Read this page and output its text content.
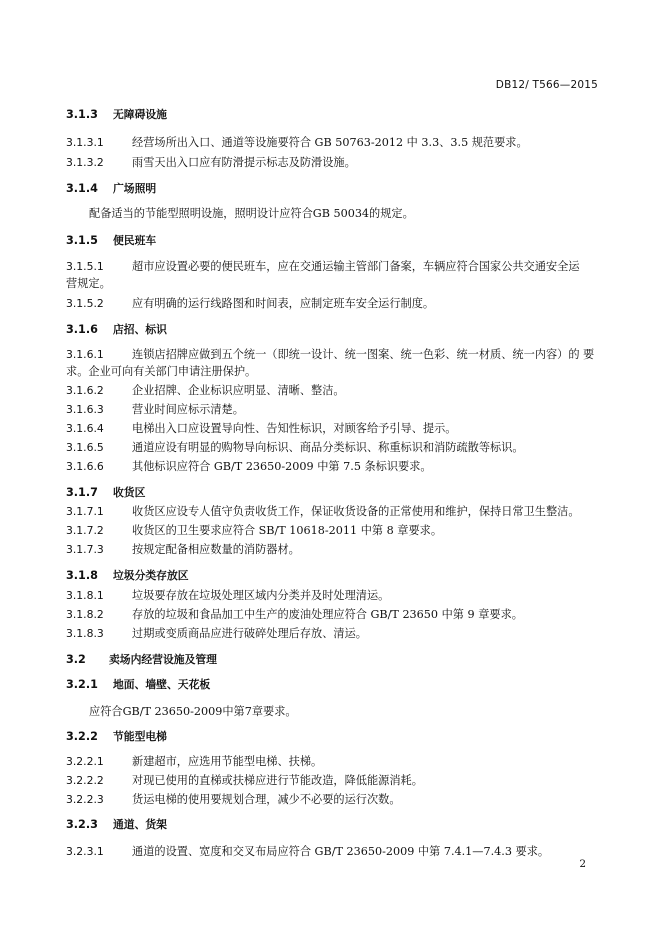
DB12/ T566—2015
3.1.3 无障碍设施
3.1.3.1	经营场所出入口、通道等设施要符合 GB 50763-2012 中 3.3、3.5 规范要求。
3.1.3.2	雨雪天出入口应有防滑提示标志及防滑设施。
3.1.4 广场照明
配备适当的节能型照明设施，照明设计应符合GB 50034的规定。
3.1.5 便民班车
3.1.5.1	超市应设置必要的便民班车，应在交通运输主管部门备案，车辆应符合国家公共交通安全运
营规定。
3.1.5.2	应有明确的运行线路图和时间表，应制定班车安全运行制度。
3.1.6 店招、标识
3.1.6.1	连锁店招牌应做到五个统一（即统一设计、统一图案、统一色彩、统一材质、统一内容）的 要
求。企业可向有关部门申请注册保护。
3.1.6.2	企业招牌、企业标识应明显、清晰、整洁。
3.1.6.3	营业时间应标示清楚。
3.1.6.4	电梯出入口应设置导向性、告知性标识，对顾客给予引导、提示。
3.1.6.5	通道应设有明显的购物导向标识、商品分类标识、称重标识和消防疏散等标识。
3.1.6.6	其他标识应符合 GB/T 23650-2009 中第 7.5 条标识要求。
3.1.7 收货区
3.1.7.1	收货区应设专人值守负责收货工作，保证收货设备的正常使用和维护，保持日常卫生整洁。
3.1.7.2	收货区的卫生要求应符合 SB/T 10618-2011 中第 8 章要求。
3.1.7.3	按规定配备相应数量的消防器材。
3.1.8 垃圾分类存放区
3.1.8.1	垃圾要存放在垃圾处理区域内分类并及时处理清运。
3.1.8.2	存放的垃圾和食品加工中生产的废油处理应符合 GB/T 23650 中第 9 章要求。
3.1.8.3	过期或变质商品应进行破碎处理后存放、清运。
3.2 卖场内经营设施及管理
3.2.1 地面、墙壁、天花板
应符合GB/T 23650-2009中第7章要求。
3.2.2 节能型电梯
3.2.2.1	新建超市，应选用节能型电梯、扶梯。
3.2.2.2	对现已使用的直梯或扶梯应进行节能改造，降低能源消耗。
3.2.2.3	货运电梯的使用要规划合理，减少不必要的运行次数。
3.2.3 通道、货架
3.2.3.1	通道的设置、宽度和交叉布局应符合 GB/T 23650-2009 中第 7.4.1—7.4.3 要求。
2
